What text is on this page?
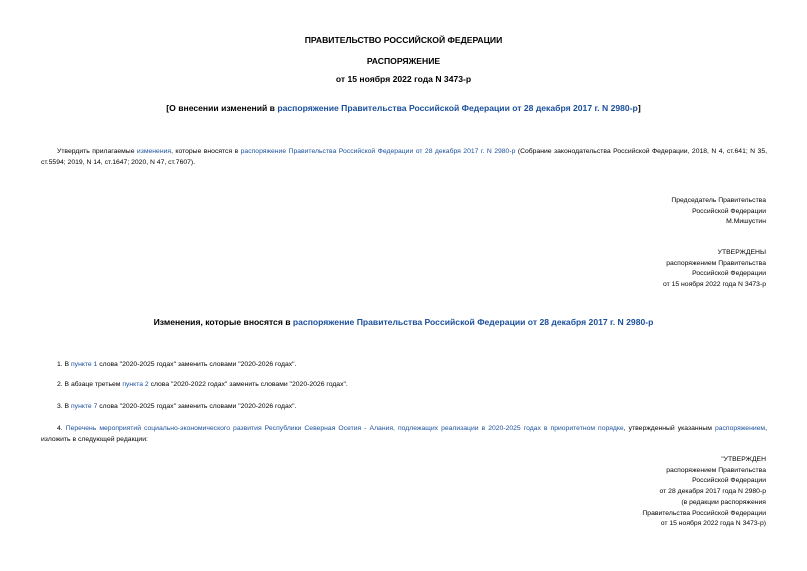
ПРАВИТЕЛЬСТВО РОССИЙСКОЙ ФЕДЕРАЦИИ
РАСПОРЯЖЕНИЕ
от 15 ноября 2022 года N 3473-р
[О внесении изменений в распоряжение Правительства Российской Федерации от 28 декабря 2017 г. N 2980-р]
Утвердить прилагаемые изменения, которые вносятся в распоряжение Правительства Российской Федерации от 28 декабря 2017 г. N 2980-р (Собрание законодательства Российской Федерации, 2018, N 4, ст.641; N 35, ст.5594; 2019, N 14, ст.1647; 2020, N 47, ст.7607).
Председатель Правительства
Российской Федерации
М.Мишустин
УТВЕРЖДЕНЫ
распоряжением Правительства
Российской Федерации
от 15 ноября 2022 года N 3473-р
Изменения, которые вносятся в распоряжение Правительства Российской Федерации от 28 декабря 2017 г. N 2980-р
1. В пункте 1 слова "2020-2025 годах" заменить словами "2020-2026 годах".
2. В абзаце третьем пункта 2 слова "2020-2022 годах" заменить словами "2020-2026 годах".
3. В пункте 7 слова "2020-2025 годах" заменить словами "2020-2026 годах".
4. Перечень мероприятий социально-экономического развития Республики Северная Осетия - Алания, подлежащих реализации в 2020-2025 годах в приоритетном порядке, утвержденный указанным распоряжением, изложить в следующей редакции:
"УТВЕРЖДЕН
распоряжением Правительства
Российской Федерации
от 28 декабря 2017 года N 2980-р
(в редакции распоряжения
Правительства Российской Федерации
от 15 ноября 2022 года N 3473-р)
